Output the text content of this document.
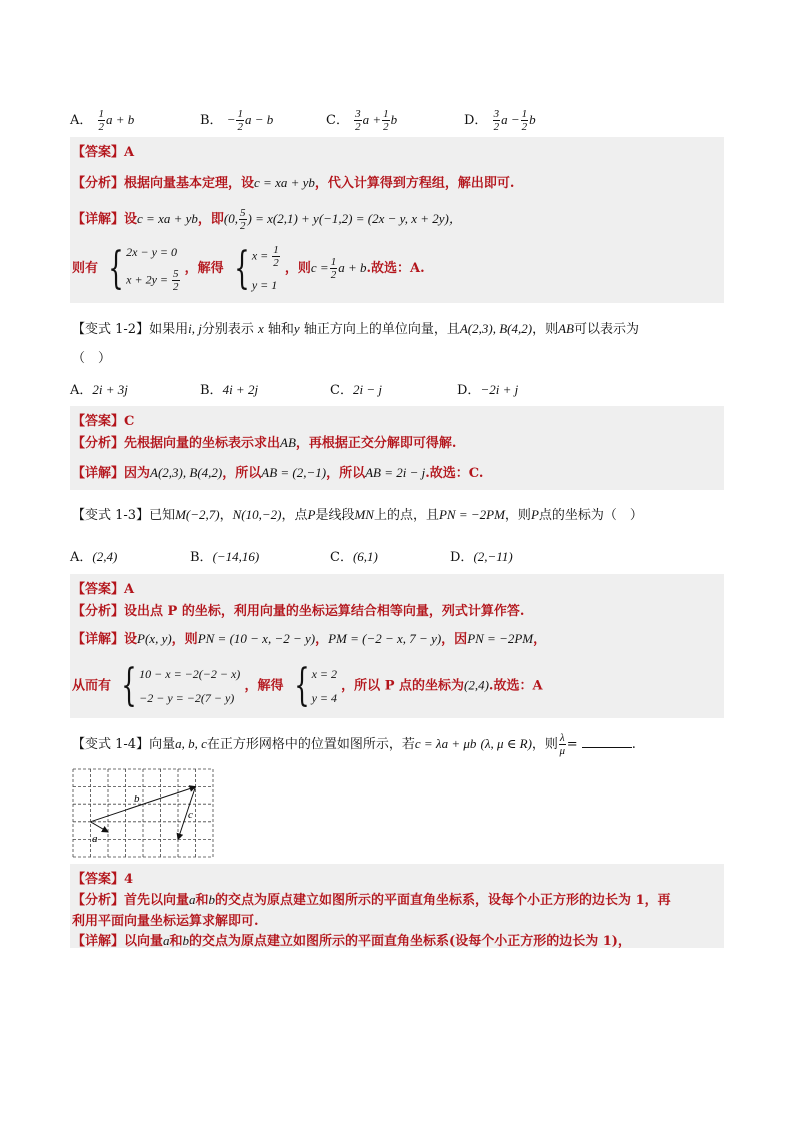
A． $\frac{1}{2}$ a + b	B． − $\frac{1}{2}$ a − b	C． $\frac{3}{2}$ $a + \frac{1}{2}$ b	D． $\frac{3}{2}$ $a - \frac{1}{2}$ b
【答案】A
【分析】根据向量基本定理，设c = xa + yb，代入计算得到方程组，解出即可.
【详解】设c = xa + yb，即(0, $\frac{5}{2}$ ) = x(2,1) + y(−1,2) = (2x − y, x + 2y)，
则有 { 2x − y = 0
$x + 2y = \frac{5}{2}$ ，解得 { $x = \frac{1}{2}$
y = 1
，则$c = \frac{1}{2}$ a + b.故选：A.
【变式 1-2】如果用i, j分别表示 x 轴和y 轴正方向上的单位向量，且A(2,3), B(4,2)，则AB可以表示为
（　）
A．2i + 3j	B．4i + 2j	C．2i − j	D．−2i + j
【答案】C
【分析】先根据向量的坐标表示求出AB，再根据正交分解即可得解.
【详解】因为A(2,3), B(4,2)，所以AB = (2,−1)，所以AB = 2i − j.故选：C.
【变式 1-3】已知M(−2,7)，N(10,−2)，点P是线段MN上的点，且PN = −2PM，则P点的坐标为（　）
A．(2,4)	B．(−14,16)	C．(6,1)	D．(2,−11)
【答案】A
【分析】设出点 P 的坐标，利用向量的坐标运算结合相等向量，列式计算作答.
【详解】设P(x, y)，则PN = (10 − x, −2 − y)，PM = (−2 − x, 7 − y)，因PN = −2PM，
从而有 { 10 − x = −2(−2 − x)
−2 − y = −2(7 − y)
，解得 { x = 2
y = 4
，所以 P 点的坐标为(2,4).故选：A
【变式 1-4】向量a, b, c在正方形网格中的位置如图所示，若c = λa + μb (λ, μ ∈ R)，则 $\frac{\lambda}{\mu}$ =	.
b
c
a
【答案】4
【分析】首先以向量a和b的交点为原点建立如图所示的平面直角坐标系，设每个小正方形的边长为 1，再
利用平面向量坐标运算求解即可.
【详解】以向量a和b的交点为原点建立如图所示的平面直角坐标系(设每个小正方形的边长为 1)，
